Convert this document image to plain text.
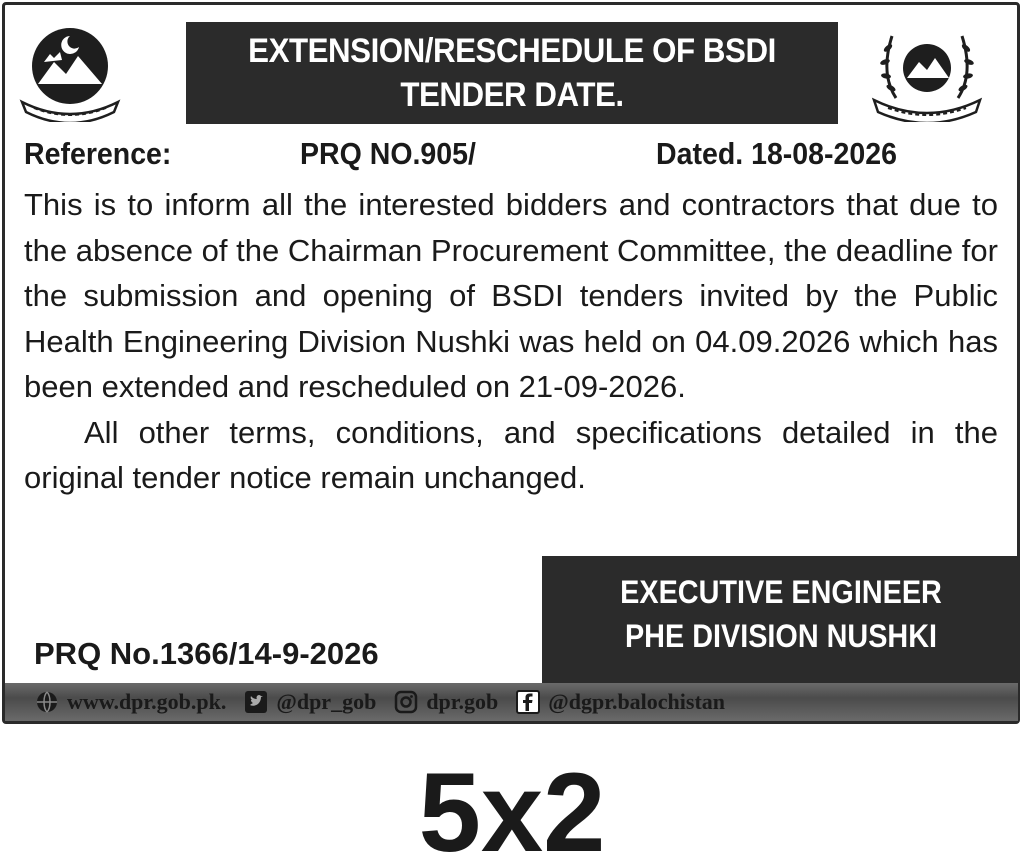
EXTENSION/RESCHEDULE OF BSDI
TENDER DATE.
Reference:	PRQ NO.905/	Dated. 18-08-2026

This is to inform all the interested bidders and contractors that due to the absence of the Chairman Procurement Committee, the deadline for the submission and opening of BSDI tenders invited by the Public Health Engineering Division Nushki was held on 04.09.2026 which has been extended and rescheduled on 21-09-2026.

All other terms, conditions, and specifications detailed in the original tender notice remain unchanged.

EXECUTIVE ENGINEER
PHE DIVISION NUSHKI
PRQ No.1366/14-9-2026
www.dpr.gob.pk. @dpr_gob dpr.gob @dgpr.balochistan
5x2
